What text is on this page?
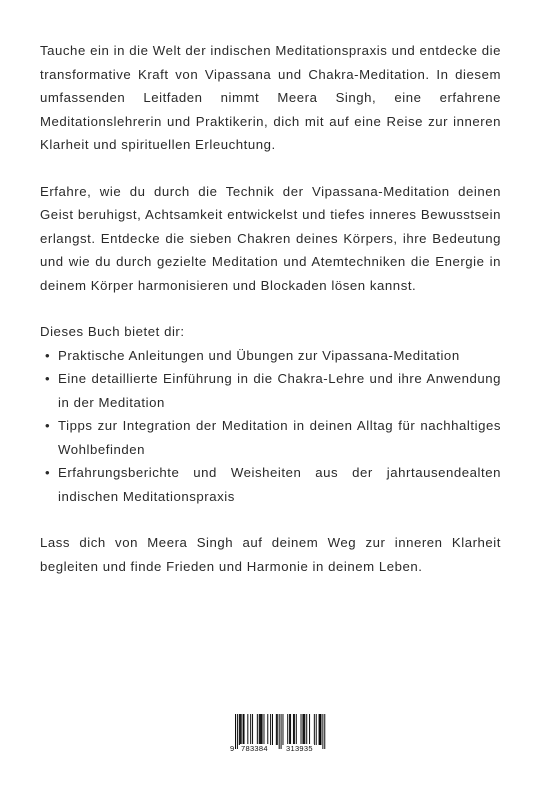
Tauche ein in die Welt der indischen Meditationspraxis und entdecke die transformative Kraft von Vipassana und Chakra-Meditation. In diesem umfassenden Leitfaden nimmt Meera Singh, eine erfahrene Meditationslehrerin und Praktikerin, dich mit auf eine Reise zur inneren Klarheit und spirituellen Erleuchtung.

Erfahre, wie du durch die Technik der Vipassana-Meditation deinen Geist beruhigst, Achtsamkeit entwickelst und tiefes inneres Bewusstsein erlangst. Entdecke die sieben Chakren deines Körpers, ihre Bedeutung und wie du durch gezielte Meditation und Atemtechniken die Energie in deinem Körper harmonisieren und Blockaden lösen kannst.

Dieses Buch bietet dir:

• Praktische Anleitungen und Übungen zur Vipassana-Meditation
• Eine detaillierte Einführung in die Chakra-Lehre und ihre Anwendung in der Meditation
• Tipps zur Integration der Meditation in deinen Alltag für nachhaltiges Wohlbefinden
• Erfahrungsberichte und Weisheiten aus der jahrtausendealten indischen Meditationspraxis

Lass dich von Meera Singh auf deinem Weg zur inneren Klarheit begleiten und finde Frieden und Harmonie in deinem Leben.

9 783384 313935
